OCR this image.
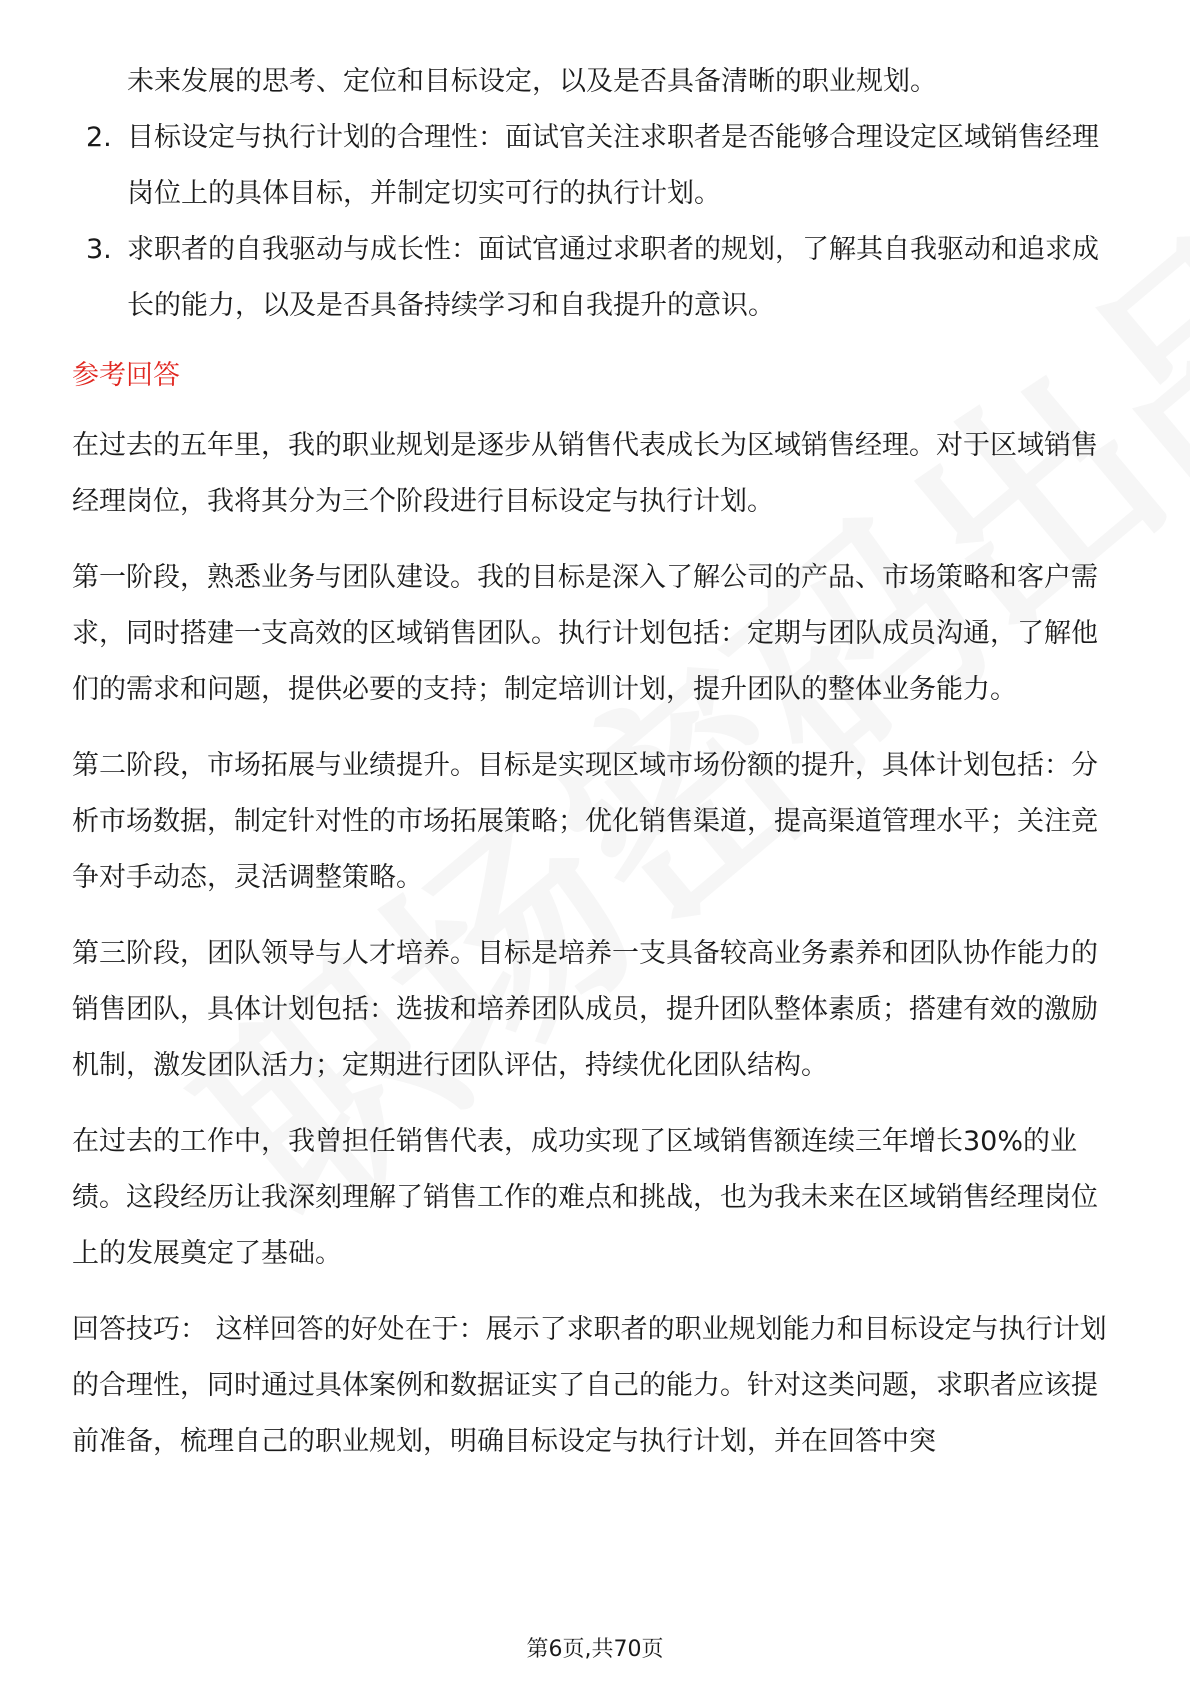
未来发展的思考、定位和目标设定，以及是否具备清晰的职业规划。

2. 目标设定与执行计划的合理性：面试官关注求职者是否能够合理设定区域销售经理岗位上的具体目标，并制定切实可行的执行计划。
3. 求职者的自我驱动与成长性：面试官通过求职者的规划，了解其自我驱动和追求成长的能力，以及是否具备持续学习和自我提升的意识。
参考回答

在过去的五年里，我的职业规划是逐步从销售代表成长为区域销售经理。对于区域销售经理岗位，我将其分为三个阶段进行目标设定与执行计划。

第一阶段，熟悉业务与团队建设。我的目标是深入了解公司的产品、市场策略和客户需求，同时搭建一支高效的区域销售团队。执行计划包括：定期与团队成员沟通，了解他们的需求和问题，提供必要的支持；制定培训计划，提升团队的整体业务能力。

第二阶段，市场拓展与业绩提升。目标是实现区域市场份额的提升，具体计划包括：分析市场数据，制定针对性的市场拓展策略；优化销售渠道，提高渠道管理水平；关注竞争对手动态，灵活调整策略。

第三阶段，团队领导与人才培养。目标是培养一支具备较高业务素养和团队协作能力的销售团队，具体计划包括：选拔和培养团队成员，提升团队整体素质；搭建有效的激励机制，激发团队活力；定期进行团队评估，持续优化团队结构。

在过去的工作中，我曾担任销售代表，成功实现了区域销售额连续三年增长30%的业绩。这段经历让我深刻理解了销售工作的难点和挑战，也为我未来在区域销售经理岗位上的发展奠定了基础。

回答技巧： 这样回答的好处在于：展示了求职者的职业规划能力和目标设定与执行计划的合理性，同时通过具体案例和数据证实了自己的能力。针对这类问题，求职者应该提前准备，梳理自己的职业规划，明确目标设定与执行计划，并在回答中突

第6页,共70页
